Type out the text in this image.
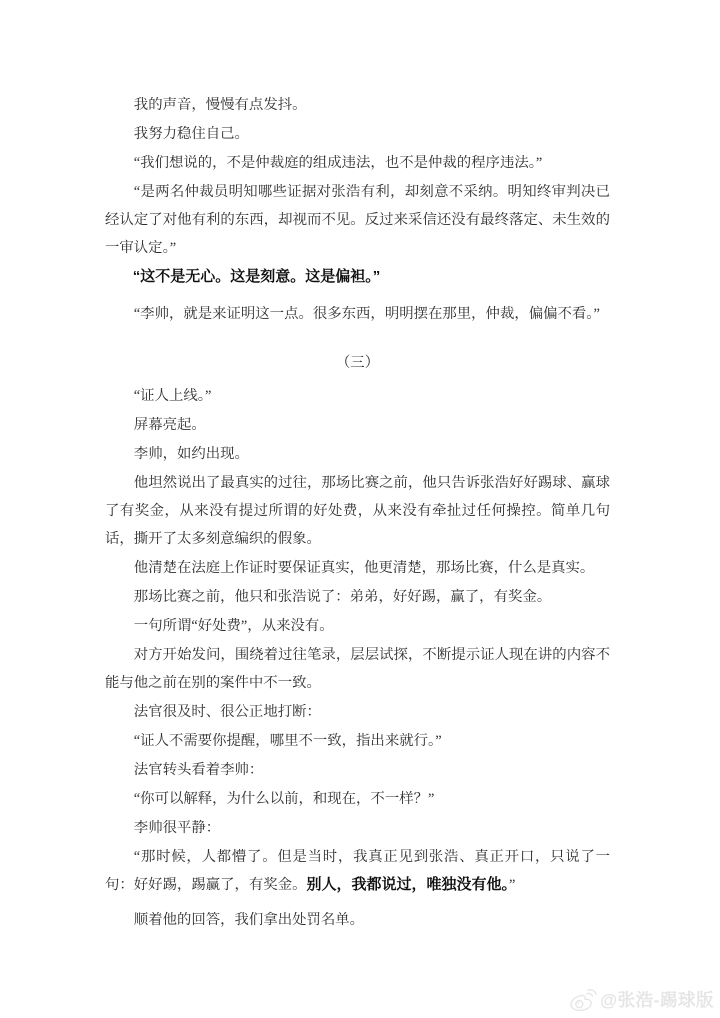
我的声音，慢慢有点发抖。

我努力稳住自己。

“我们想说的，不是仲裁庭的组成违法，也不是仲裁的程序违法。”

“是两名仲裁员明知哪些证据对张浩有利，却刻意不采纳。明知终审判决已经认定了对他有利的东西，却视而不见。反过来采信还没有最终落定、未生效的一审认定。”

“这不是无心。这是刻意。这是偏袒。”

“李帅，就是来证明这一点。很多东西，明明摆在那里，仲裁，偏偏不看。”

（三）

“证人上线。”

屏幕亮起。

李帅，如约出现。

他坦然说出了最真实的过往，那场比赛之前，他只告诉张浩好好踢球、赢球了有奖金，从来没有提过所谓的好处费，从来没有牵扯过任何操控。简单几句话，撕开了太多刻意编织的假象。

他清楚在法庭上作证时要保证真实，他更清楚，那场比赛，什么是真实。

那场比赛之前，他只和张浩说了：弟弟，好好踢，赢了，有奖金。

一句所谓“好处费”，从来没有。

对方开始发问，围绕着过往笔录，层层试探，不断提示证人现在讲的内容不能与他之前在别的案件中不一致。

法官很及时、很公正地打断：

“证人不需要你提醒，哪里不一致，指出来就行。”

法官转头看着李帅：

“你可以解释，为什么以前，和现在，不一样？”

李帅很平静：

“那时候，人都懵了。但是当时，我真正见到张浩、真正开口，只说了一句：好好踢，踢赢了，有奖金。别人，我都说过，唯独没有他。”

顺着他的回答，我们拿出处罚名单。

@张浩-踢球版
